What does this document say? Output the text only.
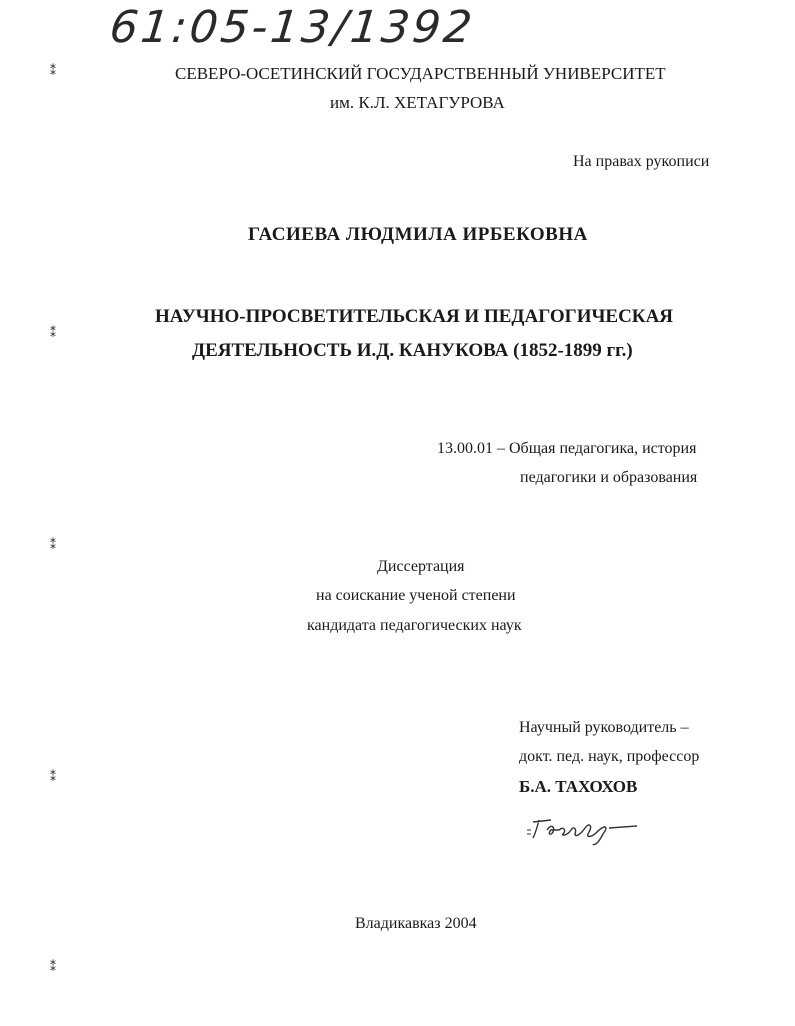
61:05-13/1392
СЕВЕРО-ОСЕТИНСКИЙ ГОСУДАРСТВЕННЫЙ УНИВЕРСИТЕТ
им. К.Л. ХЕТАГУРОВА
На правах рукописи
ГАСИЕВА ЛЮДМИЛА ИРБЕКОВНА
НАУЧНО-ПРОСВЕТИТЕЛЬСКАЯ И ПЕДАГОГИЧЕСКАЯ
ДЕЯТЕЛЬНОСТЬ И.Д. КАНУКОВА (1852-1899 гг.)
13.00.01 – Общая педагогика, история
педагогики и образования
Диссертация
на соискание ученой степени
кандидата педагогических наук
Научный руководитель –
докт. пед. наук, профессор
Б.А. ТАХОХОВ
Владикавказ 2004
⁑
⁑
⁑
⁑
⁑
